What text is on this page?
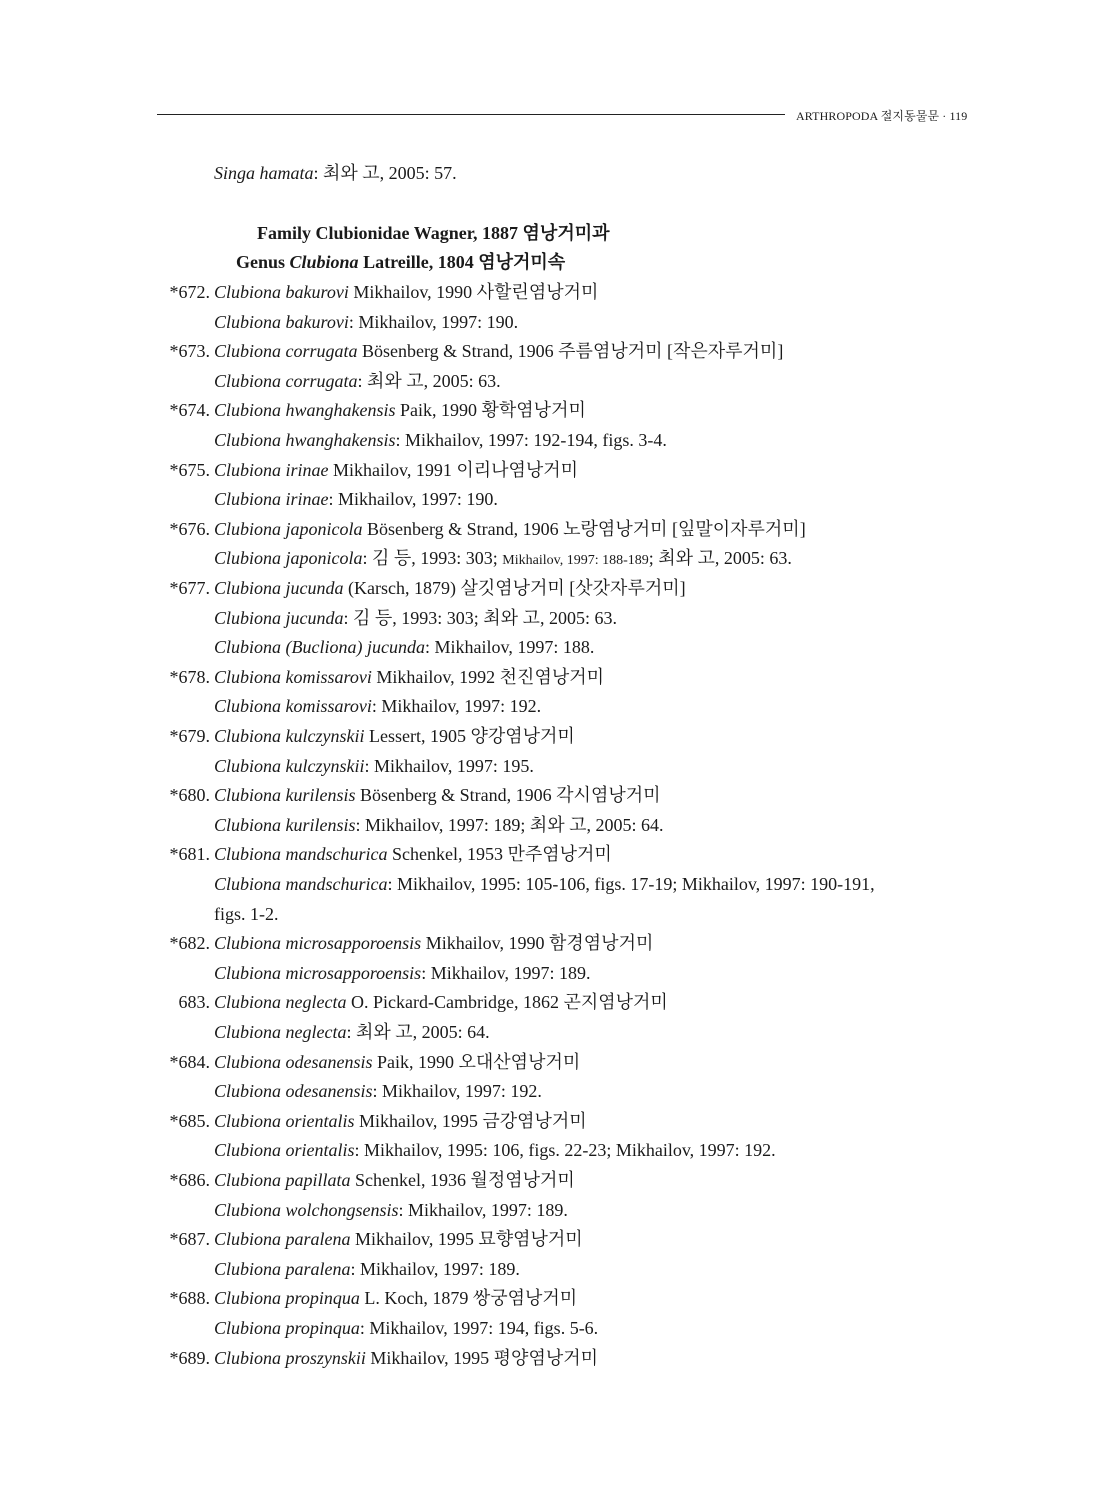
ARTHROPODA 절지동물문 · 119
Singa hamata: 최와 고, 2005: 57.
Family Clubionidae Wagner, 1887 염낭거미과
Genus Clubiona Latreille, 1804 염낭거미속
*672. Clubiona bakurovi Mikhailov, 1990 사할린염낭거미
Clubiona bakurovi: Mikhailov, 1997: 190.
*673. Clubiona corrugata Bösenberg & Strand, 1906 주름염낭거미 [작은자루거미]
Clubiona corrugata: 최와 고, 2005: 63.
*674. Clubiona hwanghakensis Paik, 1990 황학염낭거미
Clubiona hwanghakensis: Mikhailov, 1997: 192-194, figs. 3-4.
*675. Clubiona irinae Mikhailov, 1991 이리나염낭거미
Clubiona irinae: Mikhailov, 1997: 190.
*676. Clubiona japonicola Bösenberg & Strand, 1906 노랑염낭거미 [잎말이자루거미]
Clubiona japonicola: 김 등, 1993: 303; Mikhailov, 1997: 188-189; 최와 고, 2005: 63.
*677. Clubiona jucunda (Karsch, 1879) 살깃염낭거미 [삿갓자루거미]
Clubiona jucunda: 김 등, 1993: 303; 최와 고, 2005: 63.
Clubiona (Bucliona) jucunda: Mikhailov, 1997: 188.
*678. Clubiona komissarovi Mikhailov, 1992 천진염낭거미
Clubiona komissarovi: Mikhailov, 1997: 192.
*679. Clubiona kulczynskii Lessert, 1905 양강염낭거미
Clubiona kulczynskii: Mikhailov, 1997: 195.
*680. Clubiona kurilensis Bösenberg & Strand, 1906 각시염낭거미
Clubiona kurilensis: Mikhailov, 1997: 189; 최와 고, 2005: 64.
*681. Clubiona mandschurica Schenkel, 1953 만주염낭거미
Clubiona mandschurica: Mikhailov, 1995: 105-106, figs. 17-19; Mikhailov, 1997: 190-191,
figs. 1-2.
*682. Clubiona microsapporoensis Mikhailov, 1990 함경염낭거미
Clubiona microsapporoensis: Mikhailov, 1997: 189.
683. Clubiona neglecta O. Pickard-Cambridge, 1862 곤지염낭거미
Clubiona neglecta: 최와 고, 2005: 64.
*684. Clubiona odesanensis Paik, 1990 오대산염낭거미
Clubiona odesanensis: Mikhailov, 1997: 192.
*685. Clubiona orientalis Mikhailov, 1995 금강염낭거미
Clubiona orientalis: Mikhailov, 1995: 106, figs. 22-23; Mikhailov, 1997: 192.
*686. Clubiona papillata Schenkel, 1936 월정염낭거미
Clubiona wolchongsensis: Mikhailov, 1997: 189.
*687. Clubiona paralena Mikhailov, 1995 묘향염낭거미
Clubiona paralena: Mikhailov, 1997: 189.
*688. Clubiona propinqua L. Koch, 1879 쌍궁염낭거미
Clubiona propinqua: Mikhailov, 1997: 194, figs. 5-6.
*689. Clubiona proszynskii Mikhailov, 1995 평양염낭거미
